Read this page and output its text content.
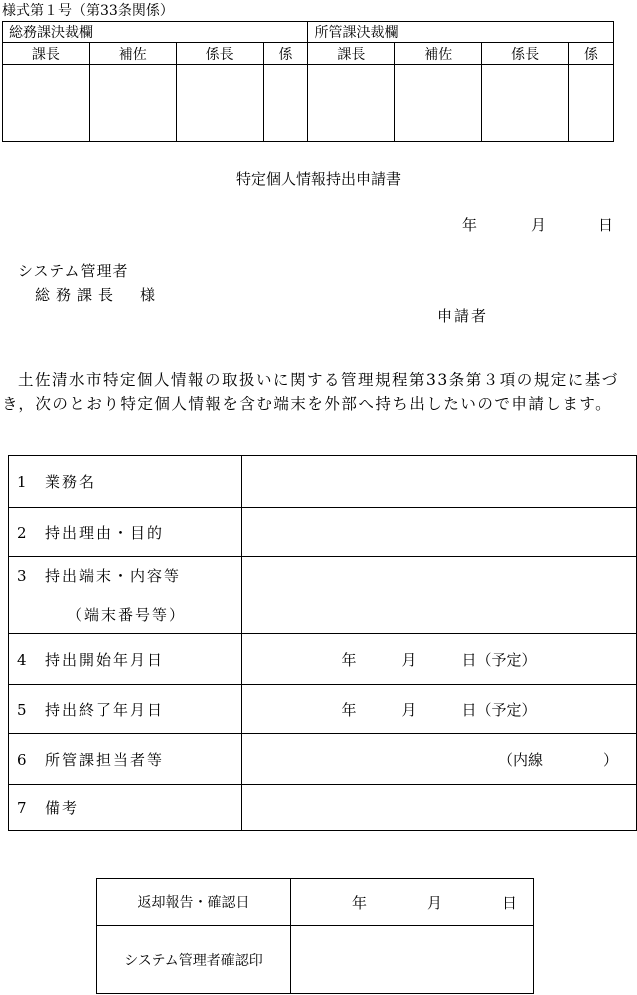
様式第１号（第33条関係）
総務課決裁欄				所管課決裁欄			
課長	補佐	係長	係	課長	補佐	係長	係

特定個人情報持出申請書
年	月	日
システム管理者
総務課長　様
申請者
土佐清水市特定個人情報の取扱いに関する管理規程第33条第３項の規定に基づき，次のとおり特定個人情報を含む端末を外部へ持ち出したいので申請します。
1 業務名	
2 持出理由・目的	
3 持出端末・内容等
（端末番号等）	

4 持出開始年月日	年　　　月　　　日（予定）
5 持出終了年月日	年　　　月　　　日（予定）
6 所管課担当者等	（内線　　　　）
7 備考	
返却報告・確認日	年　　　　月　　　　日
システム管理者確認印	
